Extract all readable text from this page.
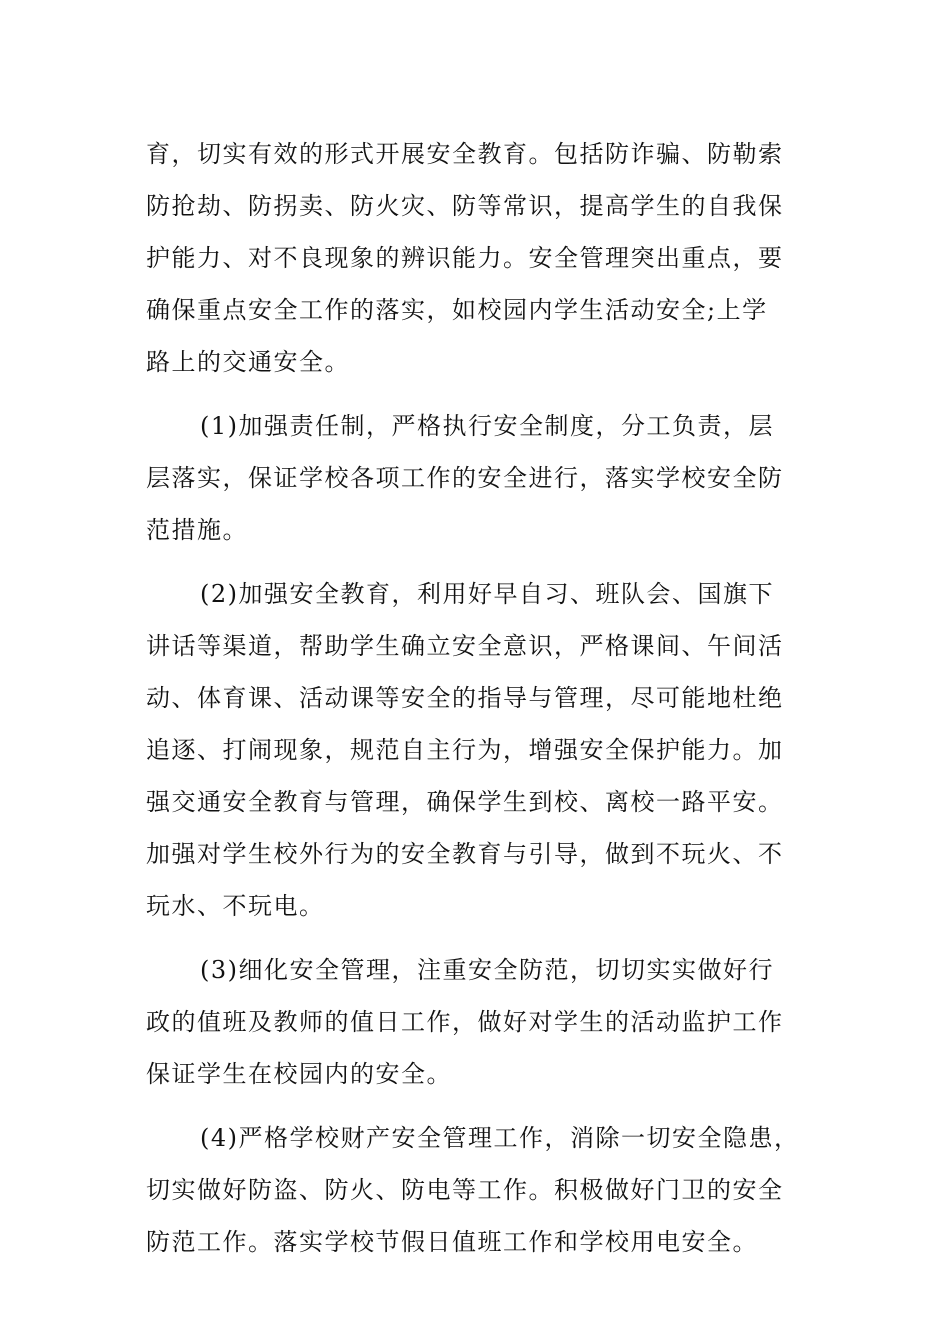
育，切实有效的形式开展安全教育。包括防诈骗、防勒索
防抢劫、防拐卖、防火灾、防等常识，提高学生的自我保
护能力、对不良现象的辨识能力。安全管理突出重点，要
确保重点安全工作的落实，如校园内学生活动安全;上学
路上的交通安全。
(1)加强责任制，严格执行安全制度，分工负责，层
层落实，保证学校各项工作的安全进行，落实学校安全防
范措施。
(2)加强安全教育，利用好早自习、班队会、国旗下
讲话等渠道，帮助学生确立安全意识，严格课间、午间活
动、体育课、活动课等安全的指导与管理，尽可能地杜绝
追逐、打闹现象，规范自主行为，增强安全保护能力。加
强交通安全教育与管理，确保学生到校、离校一路平安。
加强对学生校外行为的安全教育与引导，做到不玩火、不
玩水、不玩电。
(3)细化安全管理，注重安全防范，切切实实做好行
政的值班及教师的值日工作，做好对学生的活动监护工作
保证学生在校园内的安全。
(4)严格学校财产安全管理工作，消除一切安全隐患，
切实做好防盗、防火、防电等工作。积极做好门卫的安全
防范工作。落实学校节假日值班工作和学校用电安全。
